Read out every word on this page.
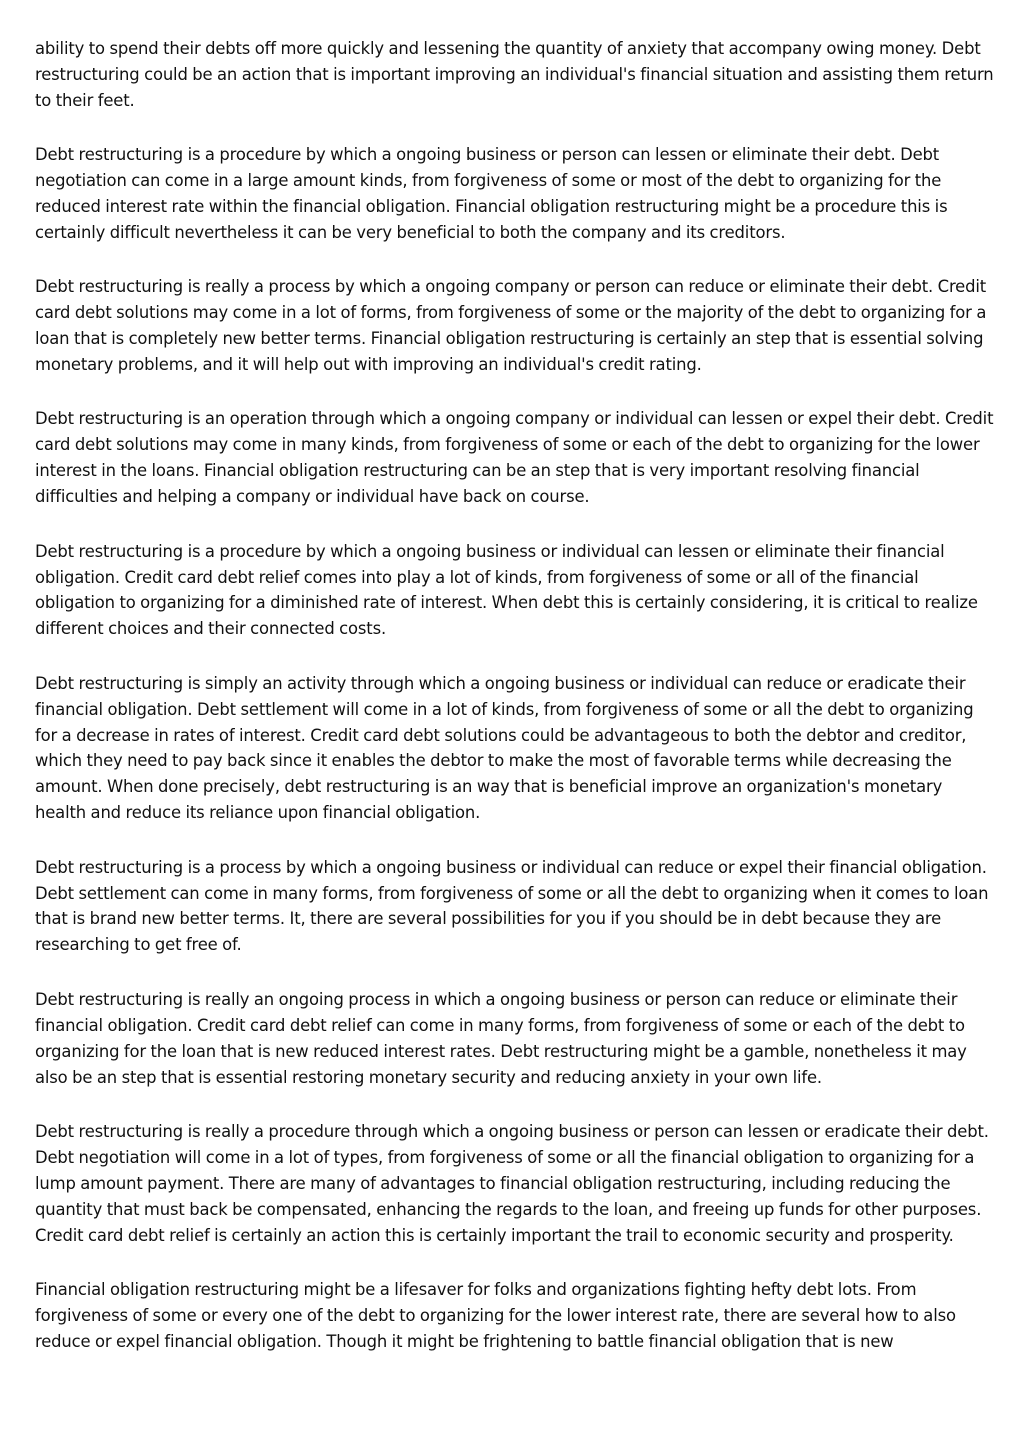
ability to spend their debts off more quickly and lessening the quantity of anxiety that accompany owing money. Debt restructuring could be an action that is important improving an individual's financial situation and assisting them return to their feet.

Debt restructuring is a procedure by which a ongoing business or person can lessen or eliminate their debt. Debt negotiation can come in a large amount kinds, from forgiveness of some or most of the debt to organizing for the reduced interest rate within the financial obligation. Financial obligation restructuring might be a procedure this is certainly difficult nevertheless it can be very beneficial to both the company and its creditors.

Debt restructuring is really a process by which a ongoing company or person can reduce or eliminate their debt. Credit card debt solutions may come in a lot of forms, from forgiveness of some or the majority of the debt to organizing for a loan that is completely new better terms. Financial obligation restructuring is certainly an step that is essential solving monetary problems, and it will help out with improving an individual's credit rating.

Debt restructuring is an operation through which a ongoing company or individual can lessen or expel their debt. Credit card debt solutions may come in many kinds, from forgiveness of some or each of the debt to organizing for the lower interest in the loans. Financial obligation restructuring can be an step that is very important resolving financial difficulties and helping a company or individual have back on course.

Debt restructuring is a procedure by which a ongoing business or individual can lessen or eliminate their financial obligation. Credit card debt relief comes into play a lot of kinds, from forgiveness of some or all of the financial obligation to organizing for a diminished rate of interest. When debt this is certainly considering, it is critical to realize different choices and their connected costs.

Debt restructuring is simply an activity through which a ongoing business or individual can reduce or eradicate their financial obligation. Debt settlement will come in a lot of kinds, from forgiveness of some or all the debt to organizing for a decrease in rates of interest. Credit card debt solutions could be advantageous to both the debtor and creditor, which they need to pay back since it enables the debtor to make the most of favorable terms while decreasing the amount. When done precisely, debt restructuring is an way that is beneficial improve an organization's monetary health and reduce its reliance upon financial obligation.

Debt restructuring is a process by which a ongoing business or individual can reduce or expel their financial obligation. Debt settlement can come in many forms, from forgiveness of some or all the debt to organizing when it comes to loan that is brand new better terms. It, there are several possibilities for you if you should be in debt because they are researching to get free of.

Debt restructuring is really an ongoing process in which a ongoing business or person can reduce or eliminate their financial obligation. Credit card debt relief can come in many forms, from forgiveness of some or each of the debt to organizing for the loan that is new reduced interest rates. Debt restructuring might be a gamble, nonetheless it may also be an step that is essential restoring monetary security and reducing anxiety in your own life.

Debt restructuring is really a procedure through which a ongoing business or person can lessen or eradicate their debt. Debt negotiation will come in a lot of types, from forgiveness of some or all the financial obligation to organizing for a lump amount payment. There are many of advantages to financial obligation restructuring, including reducing the quantity that must back be compensated, enhancing the regards to the loan, and freeing up funds for other purposes. Credit card debt relief is certainly an action this is certainly important the trail to economic security and prosperity.

Financial obligation restructuring might be a lifesaver for folks and organizations fighting hefty debt lots. From forgiveness of some or every one of the debt to organizing for the lower interest rate, there are several how to also reduce or expel financial obligation. Though it might be frightening to battle financial obligation that is new
